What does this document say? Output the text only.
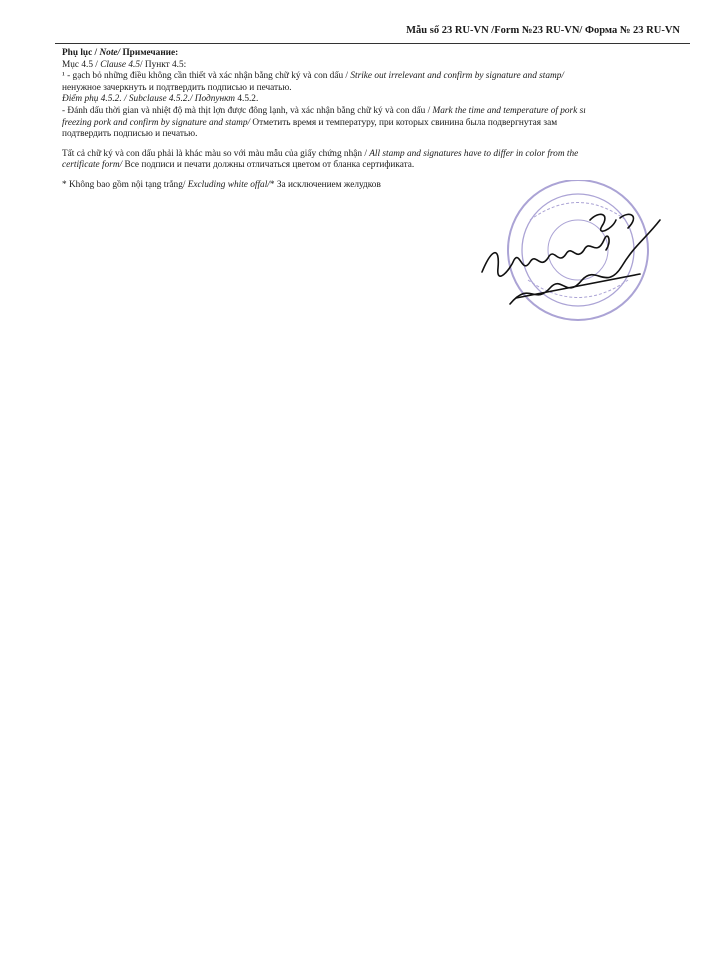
Mẫu số 23 RU-VN /Form №23 RU-VN/ Форма № 23 RU-VN
Phụ lục / Note/ Примечание:
Mục 4.5 / Clause 4.5/ Пункт 4.5:
¹ - gạch bỏ những điều không cần thiết và xác nhận bằng chữ ký và con dấu / Strike out irrelevant and confirm by signature and stamp/
ненужное зачеркнуть и подтвердить подписью и печатью.
Điểm phụ 4.5.2. / Subclause 4.5.2./ Подпункт 4.5.2.
- Đánh dấu thời gian và nhiệt độ mà thịt lợn được đông lạnh, và xác nhận bằng chữ ký và con dấu / Mark the time and temperature of pork sı
freezing pork and confirm by signature and stamp/ Отметить время и температуру, при которых свинина была подвергнутая зам
подтвердить подписью и печатью.
Tất cả chữ ký và con dấu phải là khác màu so với màu mẫu của giấy chứng nhận / All stamp and signatures have to differ in color from the
certificate form/ Все подписи и печати должны отличаться цветом от бланка сертификата.
* Không bao gồm nội tạng trắng/ Excluding white offal/* За исключением желудков
